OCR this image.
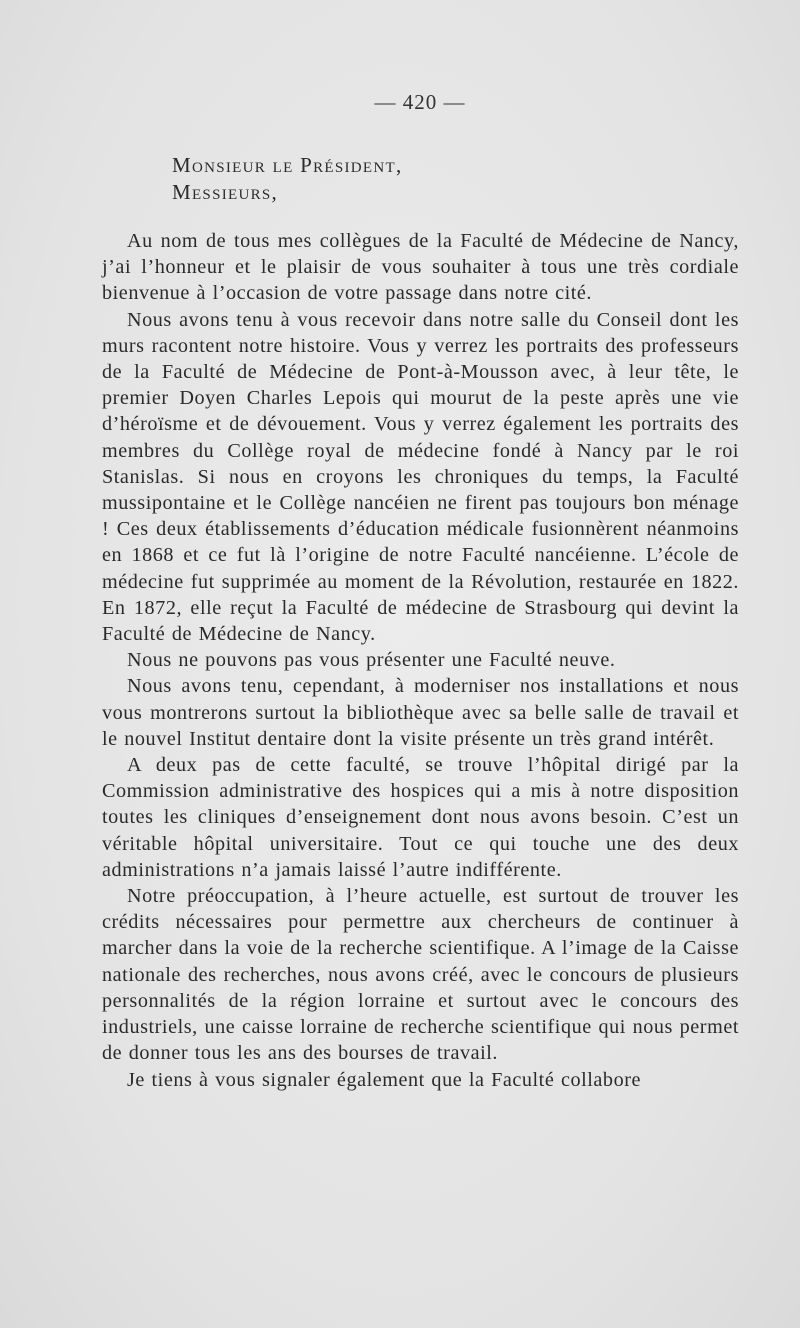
— 420 —
Monsieur le Président,
Messieurs,

Au nom de tous mes collègues de la Faculté de Médecine de Nancy, j’ai l’honneur et le plaisir de vous souhaiter à tous une très cordiale bienvenue à l’occasion de votre passage dans notre cité.

Nous avons tenu à vous recevoir dans notre salle du Conseil dont les murs racontent notre histoire. Vous y verrez les portraits des professeurs de la Faculté de Médecine de Pont-à-Mousson avec, à leur tête, le premier Doyen Charles Lepois qui mourut de la peste après une vie d’héroïsme et de dévouement. Vous y verrez également les portraits des membres du Collège royal de médecine fondé à Nancy par le roi Stanislas. Si nous en croyons les chroniques du temps, la Faculté mussipontaine et le Collège nancéien ne firent pas toujours bon ménage ! Ces deux établissements d’éducation médicale fusionnèrent néanmoins en 1868 et ce fut là l’origine de notre Faculté nancéienne. L’école de médecine fut supprimée au moment de la Révolution, restaurée en 1822. En 1872, elle reçut la Faculté de médecine de Strasbourg qui devint la Faculté de Médecine de Nancy.

Nous ne pouvons pas vous présenter une Faculté neuve.

Nous avons tenu, cependant, à moderniser nos installations et nous vous montrerons surtout la bibliothèque avec sa belle salle de travail et le nouvel Institut dentaire dont la visite présente un très grand intérêt.

A deux pas de cette faculté, se trouve l’hôpital dirigé par la Commission administrative des hospices qui a mis à notre disposition toutes les cliniques d’enseignement dont nous avons besoin. C’est un véritable hôpital universitaire. Tout ce qui touche une des deux administrations n’a jamais laissé l’autre indifférente.

Notre préoccupation, à l’heure actuelle, est surtout de trouver les crédits nécessaires pour permettre aux chercheurs de continuer à marcher dans la voie de la recherche scientifique. A l’image de la Caisse nationale des recherches, nous avons créé, avec le concours de plusieurs personnalités de la région lorraine et surtout avec le concours des industriels, une caisse lorraine de recherche scientifique qui nous permet de donner tous les ans des bourses de travail.

Je tiens à vous signaler également que la Faculté collabore
